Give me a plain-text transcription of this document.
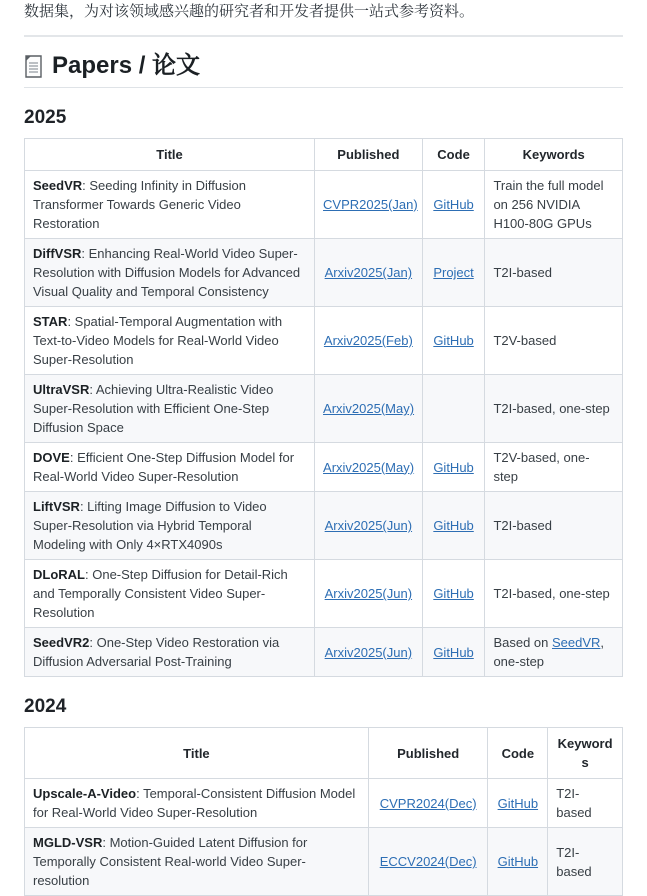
数据集，为对该领域感兴趣的研究者和开发者提供一站式参考资料。

Papers / 论文
2025
Title	Published	Code	Keywords
SeedVR: Seeding Infinity in Diffusion Transformer Towards Generic Video Restoration	CVPR2025(Jan)	GitHub	Train the full model on 256 NVIDIA H100-80G GPUs
DiffVSR: Enhancing Real-World Video Super-Resolution with Diffusion Models for Advanced Visual Quality and Temporal Consistency	Arxiv2025(Jan)	Project	T2I-based
STAR: Spatial-Temporal Augmentation with Text-to-Video Models for Real-World Video Super-Resolution	Arxiv2025(Feb)	GitHub	T2V-based
UltraVSR: Achieving Ultra-Realistic Video Super-Resolution with Efficient One-Step Diffusion Space	Arxiv2025(May)		T2I-based, one-step
DOVE: Efficient One-Step Diffusion Model for Real-World Video Super-Resolution	Arxiv2025(May)	GitHub	T2V-based, one-step
LiftVSR: Lifting Image Diffusion to Video Super-Resolution via Hybrid Temporal Modeling with Only 4×RTX4090s	Arxiv2025(Jun)	GitHub	T2I-based
DLoRAL: One-Step Diffusion for Detail-Rich and Temporally Consistent Video Super-Resolution	Arxiv2025(Jun)	GitHub	T2I-based, one-step
SeedVR2: One-Step Video Restoration via Diffusion Adversarial Post-Training	Arxiv2025(Jun)	GitHub	Based on SeedVR, one-step
2024
Title	Published	Code	Keywords
Upscale-A-Video: Temporal-Consistent Diffusion Model for Real-World Video Super-Resolution	CVPR2024(Dec)	GitHub	T2I-based
MGLD-VSR: Motion-Guided Latent Diffusion for Temporally Consistent Real-world Video Super-resolution	ECCV2024(Dec)	GitHub	T2I-based
